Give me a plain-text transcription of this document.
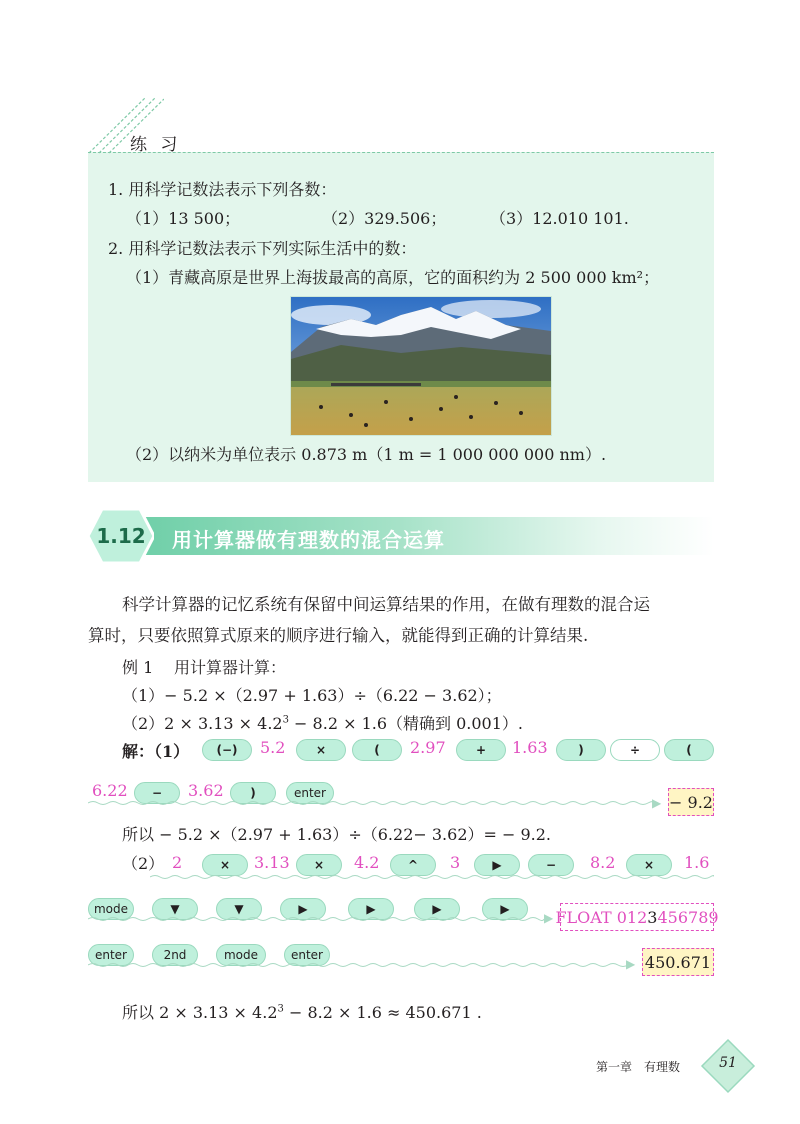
练 习
1. 用科学记数法表示下列各数：
（1）13 500；	（2）329.506；	（3）12.010 101.
2. 用科学记数法表示下列实际生活中的数：
（1）青藏高原是世界上海拔最高的高原，它的面积约为 2 500 000 km²；
（2）以纳米为单位表示 0.873 m（1 m = 1 000 000 000 nm）.
1.12 用计算器做有理数的混合运算
科学计算器的记忆系统有保留中间运算结果的作用，在做有理数的混合运
算时，只要依照算式原来的顺序进行输入，就能得到正确的计算结果.
例 1 用计算器计算：
（1）− 5.2 ×（2.97 + 1.63）÷（6.22 − 3.62）；
$(2)2 \times 3.13 \times 4.2^3 - 8.2 \times 1.6$（精确到 0.001）.
解：（1）	(−)	5.2	×	(	2.97	+	1.63	)	÷	(
6.22	−	3.62	)	enter
▶ − 9.2
所以 − 5.2 ×（2.97 + 1.63）÷（6.22− 3.62）= − 9.2.
（2） 2	×	3.13	×	4.2	^	3	▶	−	8.2	×	1.6
mode	▼	▼	▶	▶	▶	▶
▶ FLOAT 012 3 456789
enter	2nd	mode	enter
▶ 450.671
所以 $2 \times 3.13 \times 4.2^3 - 8.2 \times 1.6 \approx 450.671$ .
第一章　有理数	51
